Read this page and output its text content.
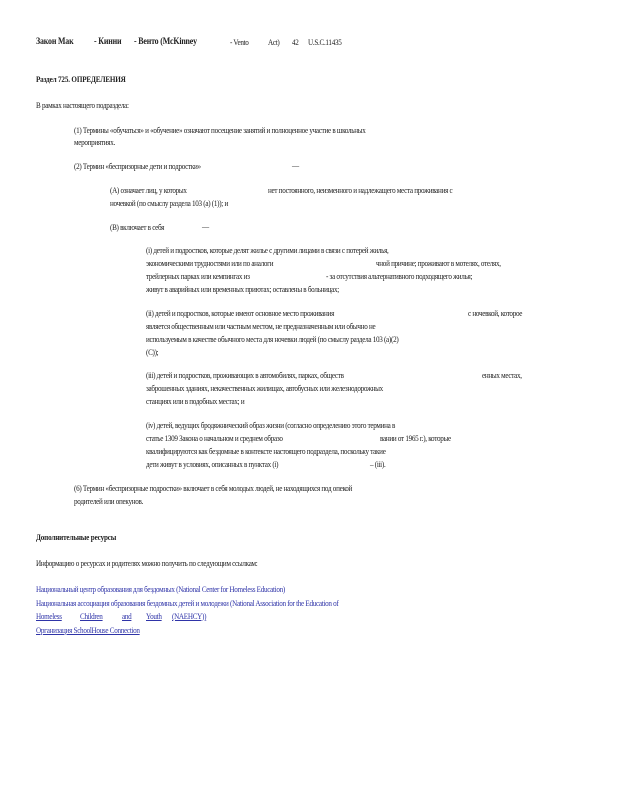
Закон Мак - Кинни - Венто (McKinney	- Vento Act) 42 U.S.C.11435
Раздел 725. ОПРЕДЕЛЕНИЯ
В рамках настоящего подраздела:
(1) Термины «обучаться» и «обучение» означают посещение занятий и полноценное участие в школьных
мероприятиях.
(2) Термин «беспризорные дети и подростки»	—
(A) означает лиц, у которых	нет постоянного, неизменного и надлежащего места проживания с
ночевкой (по смыслу раздела 103 (a) (1)); и
(B) включает в себя	—
(i) детей и подростков, которые делят жилье с другими лицами в связи с потерей жилья,
экономическими трудностями или по аналоги	чной причине; проживают в мотелях, отелях,
трейлерных парках или кемпингах из	- за отсутствия альтернативного подходящего жилья;
живут в аварийных или временных приютах; оставлены в больницах;
(ii) детей и подростков, которые имеют основное место проживания	с ночевкой, которое
является общественным или частным местом, не предназначенным или обычно не
используемым в качестве обычного места для ночевки людей (по смыслу раздела 103 (a)(2)
(C));
(iii) детей и подростков, проживающих в автомобилях, парках, обществ	енных местах,
заброшенных зданиях, некачественных жилищах, автобусных или железнодорожных
станциях или в подобных местах; и
(iv) детей, ведущих бродяжнический образ жизни (согласно определению этого термина в
статье 1309 Закона о начальном и среднем образо	вании от 1965 г.), которые
квалифицируются как бездомные в контексте настоящего подраздела, поскольку такие
дети живут в условиях, описанных в пунктах (i)	– (iii).
(6) Термин «беспризорные подростки» включает в себя молодых людей, не находящихся под опекой
родителей или опекунов.
Дополнительные ресурсы
Информацию о ресурсах и родителях можно получить по следующим ссылкам:
Национальный центр образования для бездомных (National Center for Homeless Education)
Национальная ассоциация образования бездомных детей и молодежи (National Association for the Education of
Homeless Children and Youth (NAEHCY))
Организация SchoolHouse Connection
